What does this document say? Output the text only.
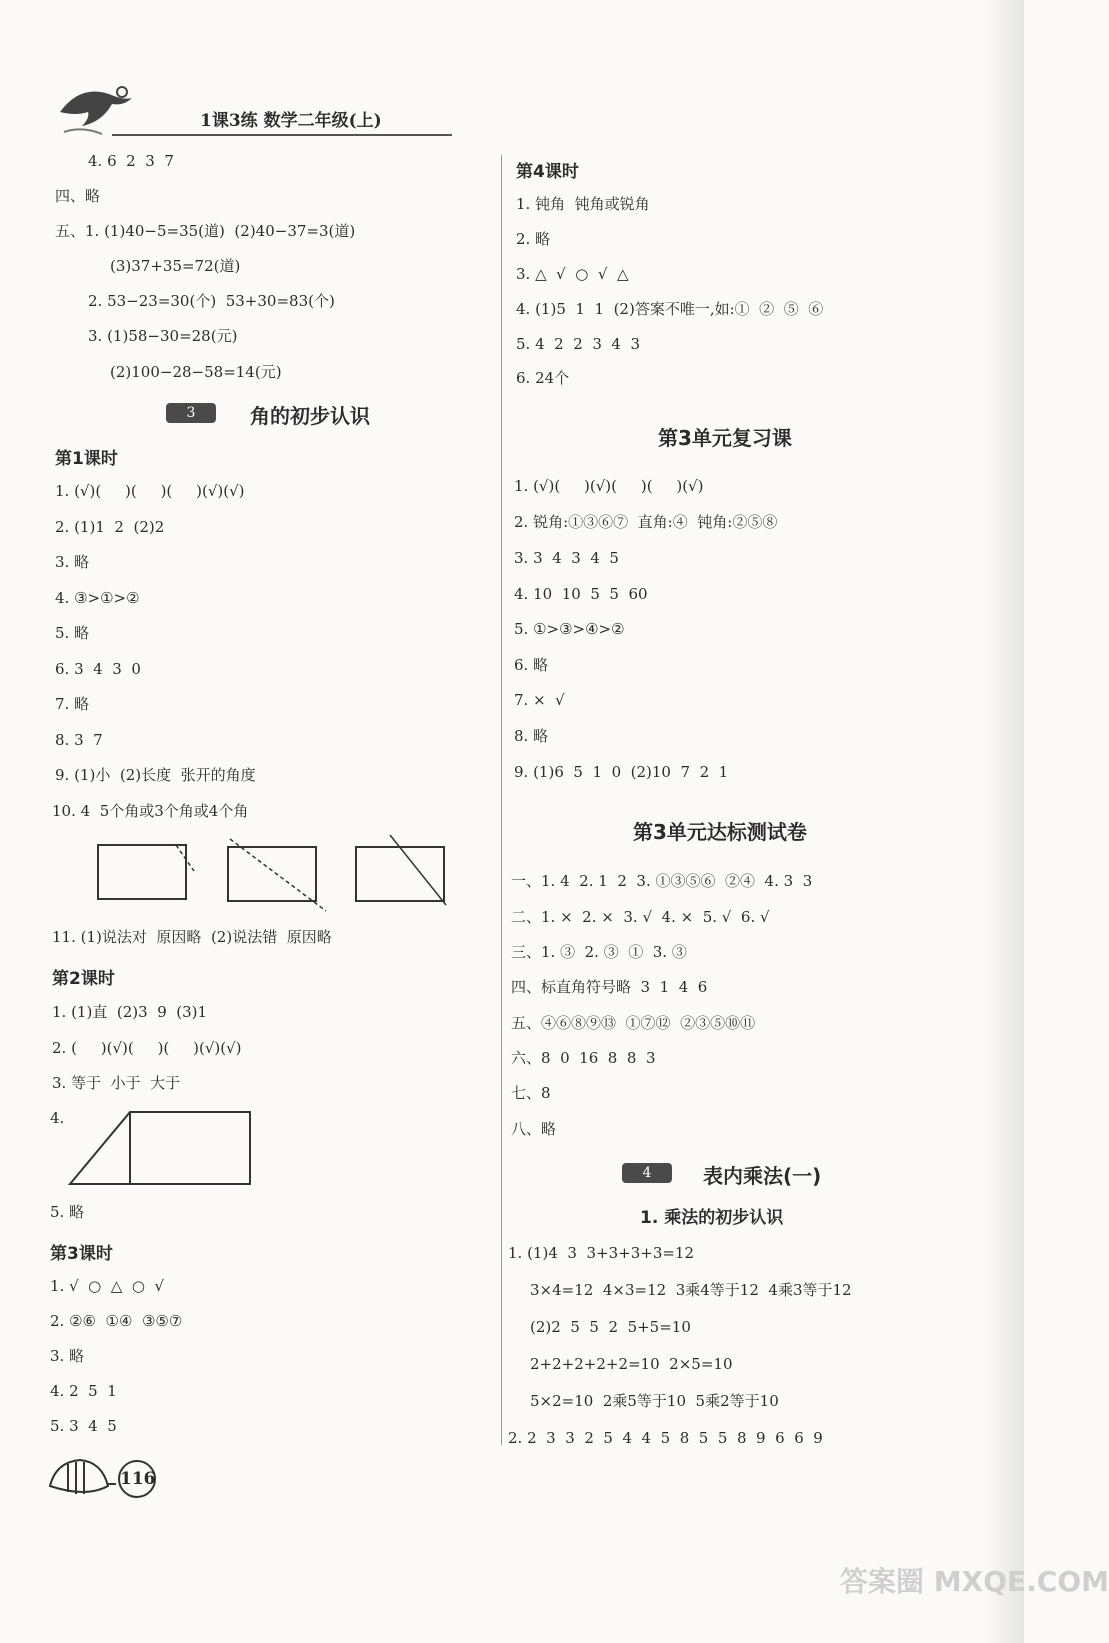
1课3练 数学二年级(上)
4. 6  2  3  7
四、略
五、1. (1)40−5=35(道)  (2)40−37=3(道)
(3)37+35=72(道)
2. 53−23=30(个)  53+30=83(个)
3. (1)58−30=28(元)
(2)100−28−58=14(元)
1. (√)(     )(     )(     )(√)(√)
2. (1)1  2  (2)2
3. 略
4. ③>①>②
5. 略
6. 3  4  3  0
7. 略
8. 3  7
9. (1)小  (2)长度  张开的角度
10. 4  5个角或3个角或4个角
11. (1)说法对  原因略  (2)说法错  原因略
1. (1)直  (2)3  9  (3)1
2. (     )(√)(     )(     )(√)(√)
3. 等于  小于  大于
4.
5. 略
1. √  ○  △  ○  √
2. ②⑥  ①④  ③⑤⑦
3. 略
4. 2  5  1
5. 3  4  5
第1课时
第2课时
第3课时
1. 钝角  钝角或锐角
2. 略
3. △  √  ○  √  △
4. (1)5  1  1  (2)答案不唯一,如:①  ②  ⑤  ⑥
5. 4  2  2  3  4  3
6. 24个
1. (√)(     )(√)(     )(     )(√)
2. 锐角:①③⑥⑦  直角:④  钝角:②⑤⑧
3. 3  4  3  4  5
4. 10  10  5  5  60
5. ①>③>④>②
6. 略
7. ×  √
8. 略
9. (1)6  5  1  0  (2)10  7  2  1
一、1. 4  2. 1  2  3. ①③⑤⑥  ②④  4. 3  3
二、1. ×  2. ×  3. √  4. ×  5. √  6. √
三、1. ③  2. ③  ①  3. ③
四、标直角符号略  3  1  4  6
五、④⑥⑧⑨⑬  ①⑦⑫  ②③⑤⑩⑪
六、8  0  16  8  8  3
七、8
八、略
1. (1)4  3  3+3+3+3=12
3×4=12  4×3=12  3乘4等于12  4乘3等于12
(2)2  5  5  2  5+5=10
2+2+2+2+2=10  2×5=10
5×2=10  2乘5等于10  5乘2等于10
2. 2  3  3  2  5  4  4  5  8  5  5  8  9  6  6  9
第4课时
3	角的初步认识
第3单元复习课
第3单元达标测试卷
4	表内乘法(一)
1. 乘法的初步认识
116
答案圈 MXQE.COM
